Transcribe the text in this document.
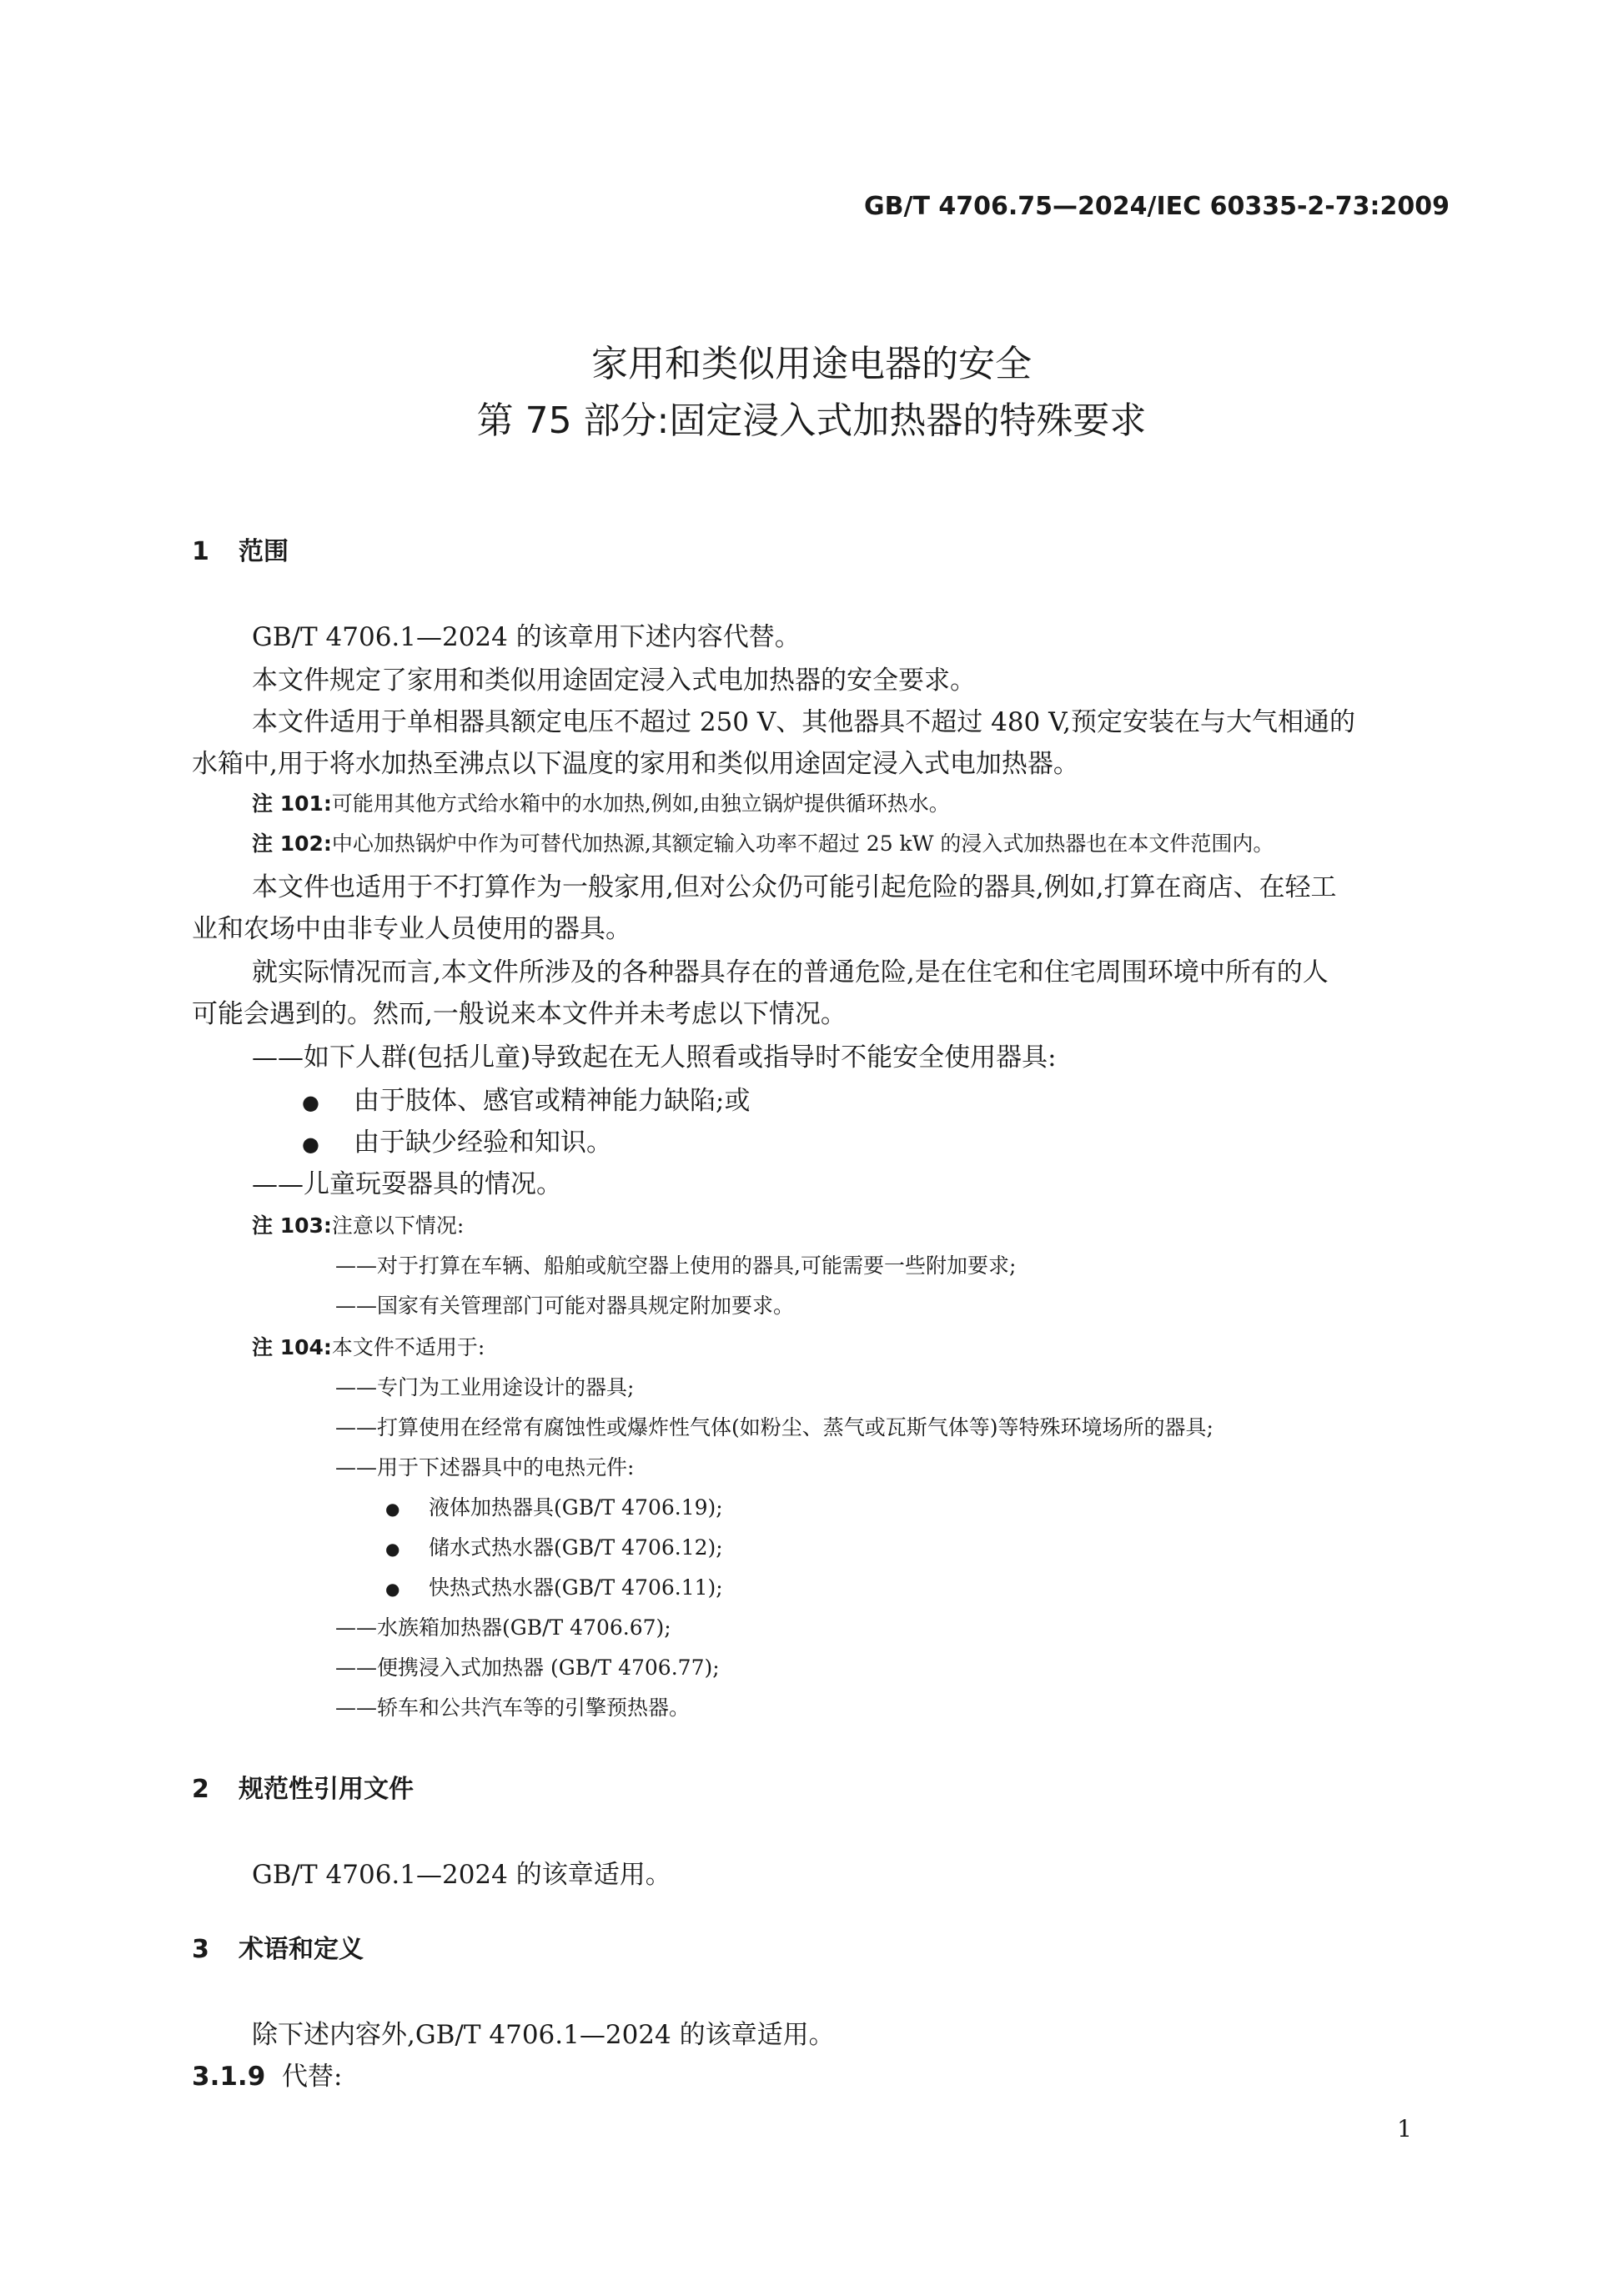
GB/T 4706.75—2024/IEC 60335-2-73:2009
家用和类似用途电器的安全
第 75 部分:固定浸入式加热器的特殊要求
1 范围
GB/T 4706.1—2024 的该章用下述内容代替。
本文件规定了家用和类似用途固定浸入式电加热器的安全要求。
本文件适用于单相器具额定电压不超过 250 V、其他器具不超过 480 V,预定安装在与大气相通的
水箱中,用于将水加热至沸点以下温度的家用和类似用途固定浸入式电加热器。
注 101:可能用其他方式给水箱中的水加热,例如,由独立锅炉提供循环热水。
注 102:中心加热锅炉中作为可替代加热源,其额定输入功率不超过 25 kW 的浸入式加热器也在本文件范围内。
本文件也适用于不打算作为一般家用,但对公众仍可能引起危险的器具,例如,打算在商店、在轻工
业和农场中由非专业人员使用的器具。
就实际情况而言,本文件所涉及的各种器具存在的普通危险,是在住宅和住宅周围环境中所有的人
可能会遇到的。然而,一般说来本文件并未考虑以下情况。
——如下人群(包括儿童)导致起在无人照看或指导时不能安全使用器具:
● 由于肢体、感官或精神能力缺陷;或
● 由于缺少经验和知识。
——儿童玩耍器具的情况。
注 103:注意以下情况:
——对于打算在车辆、船舶或航空器上使用的器具,可能需要一些附加要求;
——国家有关管理部门可能对器具规定附加要求。
注 104:本文件不适用于:
——专门为工业用途设计的器具;
——打算使用在经常有腐蚀性或爆炸性气体(如粉尘、蒸气或瓦斯气体等)等特殊环境场所的器具;
——用于下述器具中的电热元件:
● 液体加热器具(GB/T 4706.19);
● 储水式热水器(GB/T 4706.12);
● 快热式热水器(GB/T 4706.11);
——水族箱加热器(GB/T 4706.67);
——便携浸入式加热器 (GB/T 4706.77);
——轿车和公共汽车等的引擎预热器。
2 规范性引用文件
GB/T 4706.1—2024 的该章适用。
3 术语和定义
除下述内容外,GB/T 4706.1—2024 的该章适用。
3.1.9 代替:
1
